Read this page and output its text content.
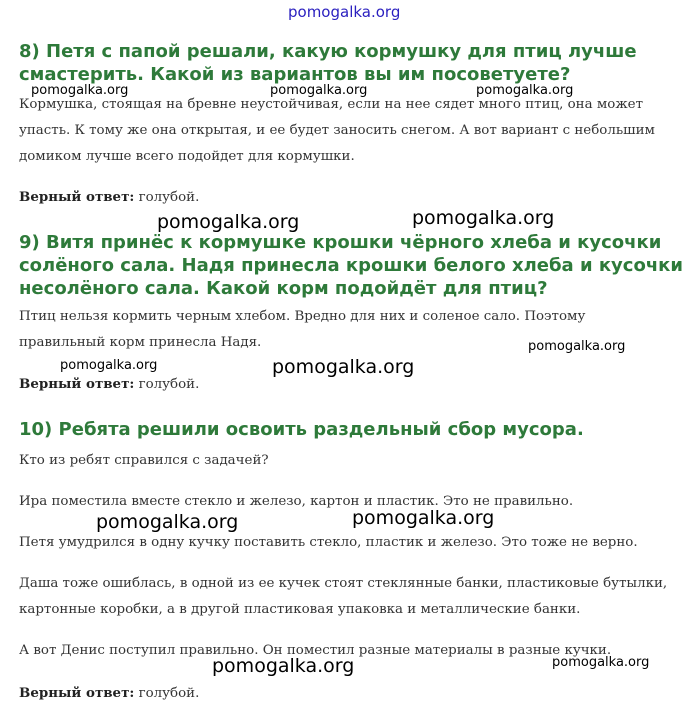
pomogalka.org
8) Петя с папой решали, какую кормушку для птиц лучше
смастерить. Какой из вариантов вы им посоветуете?
Кормушка, стоящая на бревне неустойчивая, если на нее сядет много птиц, она может
упасть. К тому же она открытая, и ее будет заносить снегом. А вот вариант с небольшим
домиком лучше всего подойдет для кормушки.
Верный ответ: голубой.
pomogalka.org	pomogalka.org	pomogalka.org
pomogalka.org	pomogalka.org
9) Витя принёс к кормушке крошки чёрного хлеба и кусочки
солёного сала. Надя принесла крошки белого хлеба и кусочки
несолёного сала. Какой корм подойдёт для птиц?
Птиц нельзя кормить черным хлебом. Вредно для них и соленое сало. Поэтому
правильный корм принесла Надя.
Верный ответ: голубой.
pomogalka.org
pomogalka.org	pomogalka.org
10) Ребята решили освоить раздельный сбор мусора.
Кто из ребят справился с задачей?
Ира поместила вместе стекло и железо, картон и пластик. Это не правильно.
Петя умудрился в одну кучку поставить стекло, пластик и железо. Это тоже не верно.
Даша тоже ошиблась, в одной из ее кучек стоят стеклянные банки, пластиковые бутылки,
картонные коробки, а в другой пластиковая упаковка и металлические банки.
А вот Денис поступил правильно. Он поместил разные материалы в разные кучки.
Верный ответ: голубой.
pomogalka.org	pomogalka.org
pomogalka.org	pomogalka.org
